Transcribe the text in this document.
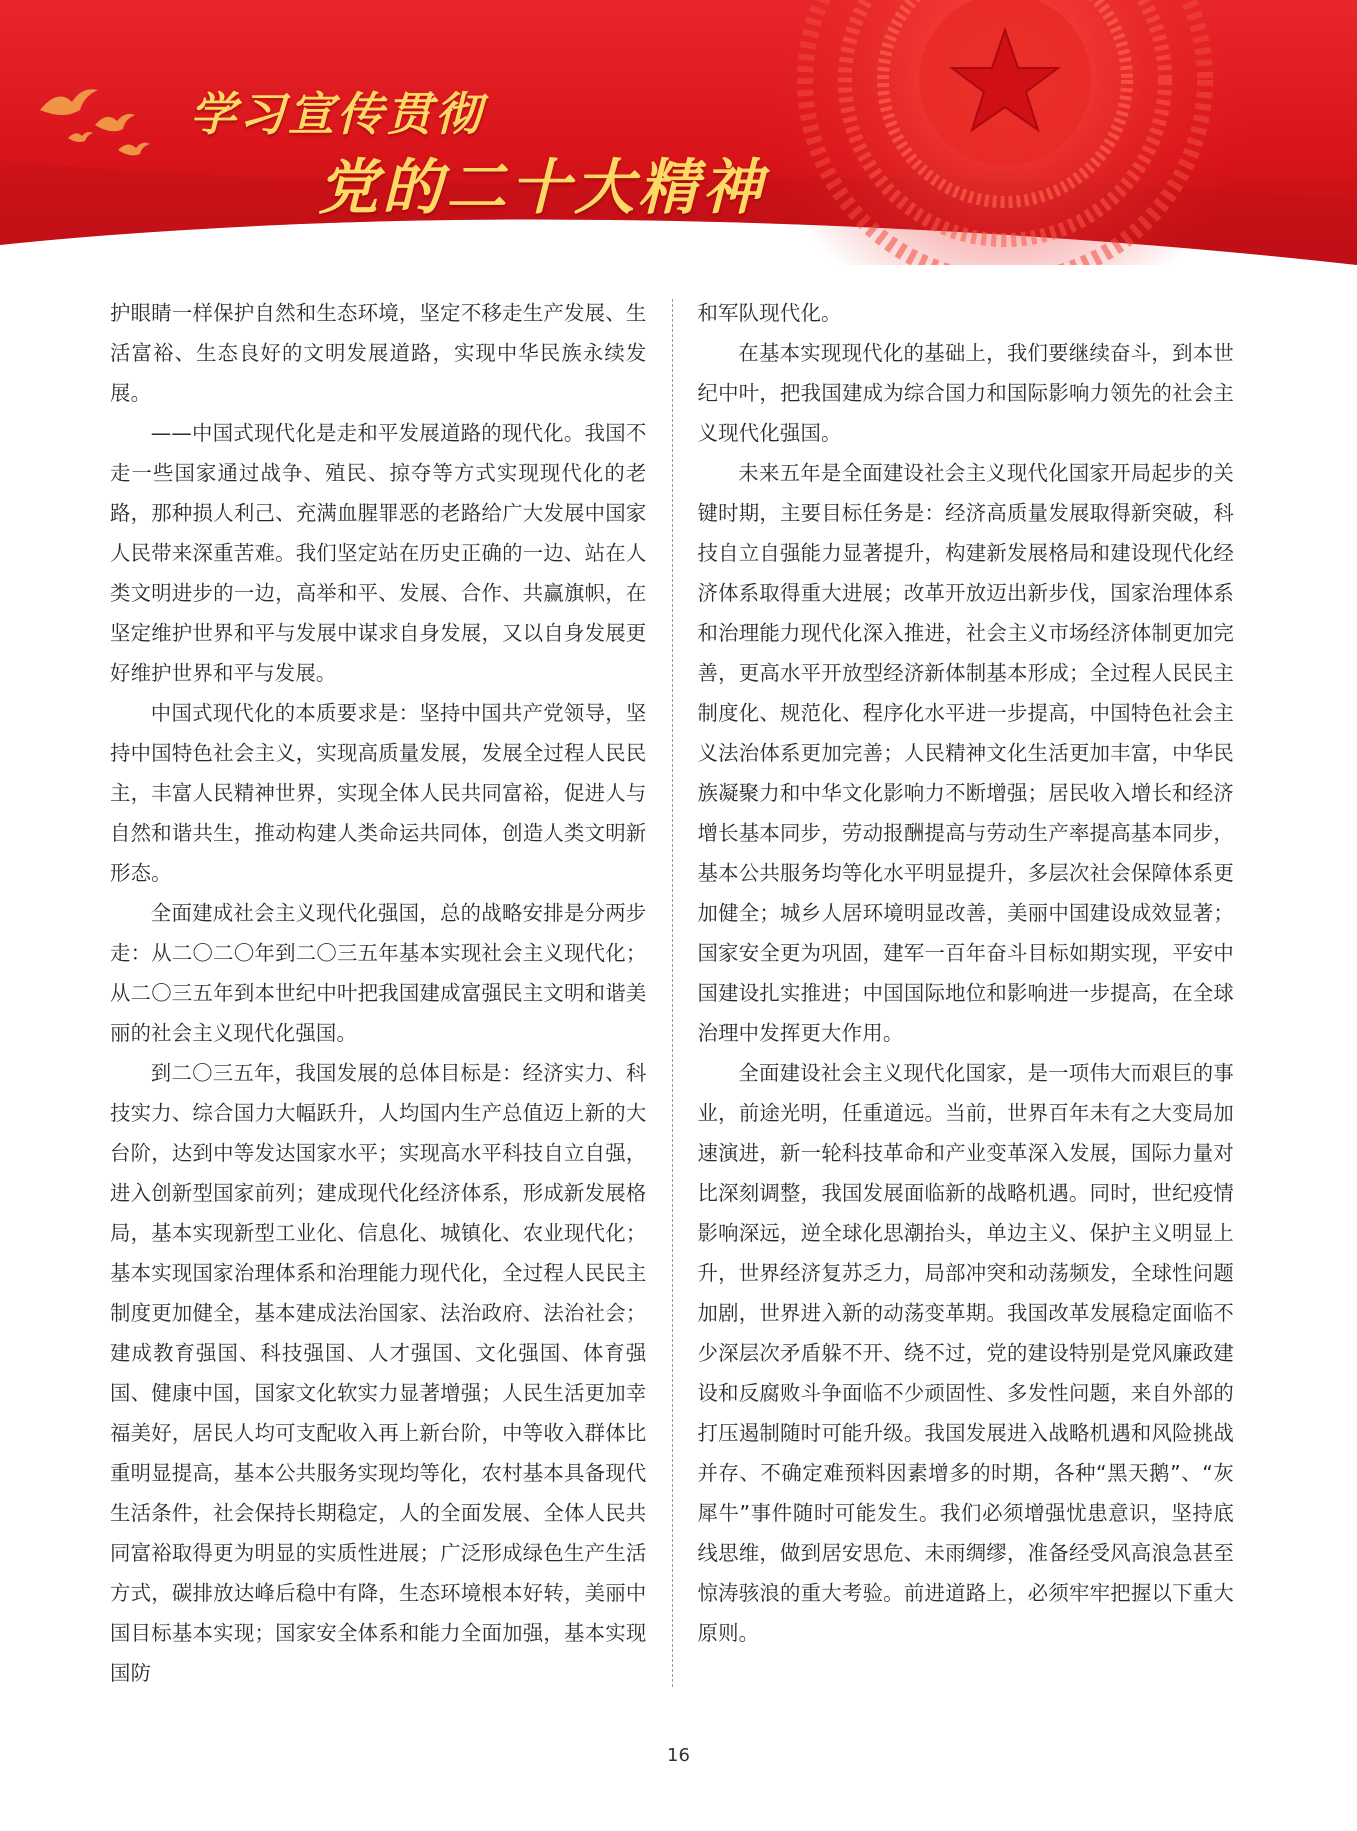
学习宣传贯彻
党的二十大精神

护眼睛一样保护自然和生态环境，坚定不移走生产发展、生活富裕、生态良好的文明发展道路，实现中华民族永续发展。

——中国式现代化是走和平发展道路的现代化。我国不走一些国家通过战争、殖民、掠夺等方式实现现代化的老路，那种损人利己、充满血腥罪恶的老路给广大发展中国家人民带来深重苦难。我们坚定站在历史正确的一边、站在人类文明进步的一边，高举和平、发展、合作、共赢旗帜，在坚定维护世界和平与发展中谋求自身发展，又以自身发展更好维护世界和平与发展。

中国式现代化的本质要求是：坚持中国共产党领导，坚持中国特色社会主义，实现高质量发展，发展全过程人民民主，丰富人民精神世界，实现全体人民共同富裕，促进人与自然和谐共生，推动构建人类命运共同体，创造人类文明新形态。

全面建成社会主义现代化强国，总的战略安排是分两步走：从二〇二〇年到二〇三五年基本实现社会主义现代化；从二〇三五年到本世纪中叶把我国建成富强民主文明和谐美丽的社会主义现代化强国。

到二〇三五年，我国发展的总体目标是：经济实力、科技实力、综合国力大幅跃升，人均国内生产总值迈上新的大台阶，达到中等发达国家水平；实现高水平科技自立自强，进入创新型国家前列；建成现代化经济体系，形成新发展格局，基本实现新型工业化、信息化、城镇化、农业现代化；基本实现国家治理体系和治理能力现代化，全过程人民民主制度更加健全，基本建成法治国家、法治政府、法治社会；建成教育强国、科技强国、人才强国、文化强国、体育强国、健康中国，国家文化软实力显著增强；人民生活更加幸福美好，居民人均可支配收入再上新台阶，中等收入群体比重明显提高，基本公共服务实现均等化，农村基本具备现代生活条件，社会保持长期稳定，人的全面发展、全体人民共同富裕取得更为明显的实质性进展；广泛形成绿色生产生活方式，碳排放达峰后稳中有降，生态环境根本好转，美丽中国目标基本实现；国家安全体系和能力全面加强，基本实现国防

和军队现代化。

在基本实现现代化的基础上，我们要继续奋斗，到本世纪中叶，把我国建成为综合国力和国际影响力领先的社会主义现代化强国。

未来五年是全面建设社会主义现代化国家开局起步的关键时期，主要目标任务是：经济高质量发展取得新突破，科技自立自强能力显著提升，构建新发展格局和建设现代化经济体系取得重大进展；改革开放迈出新步伐，国家治理体系和治理能力现代化深入推进，社会主义市场经济体制更加完善，更高水平开放型经济新体制基本形成；全过程人民民主制度化、规范化、程序化水平进一步提高，中国特色社会主义法治体系更加完善；人民精神文化生活更加丰富，中华民族凝聚力和中华文化影响力不断增强；居民收入增长和经济增长基本同步，劳动报酬提高与劳动生产率提高基本同步，基本公共服务均等化水平明显提升，多层次社会保障体系更加健全；城乡人居环境明显改善，美丽中国建设成效显著；国家安全更为巩固，建军一百年奋斗目标如期实现，平安中国建设扎实推进；中国国际地位和影响进一步提高，在全球治理中发挥更大作用。

全面建设社会主义现代化国家，是一项伟大而艰巨的事业，前途光明，任重道远。当前，世界百年未有之大变局加速演进，新一轮科技革命和产业变革深入发展，国际力量对比深刻调整，我国发展面临新的战略机遇。同时，世纪疫情影响深远，逆全球化思潮抬头，单边主义、保护主义明显上升，世界经济复苏乏力，局部冲突和动荡频发，全球性问题加剧，世界进入新的动荡变革期。我国改革发展稳定面临不少深层次矛盾躲不开、绕不过，党的建设特别是党风廉政建设和反腐败斗争面临不少顽固性、多发性问题，来自外部的打压遏制随时可能升级。我国发展进入战略机遇和风险挑战并存、不确定难预料因素增多的时期，各种“黑天鹅”、“灰犀牛”事件随时可能发生。我们必须增强忧患意识，坚持底线思维，做到居安思危、未雨绸缪，准备经受风高浪急甚至惊涛骇浪的重大考验。前进道路上，必须牢牢把握以下重大原则。

16
